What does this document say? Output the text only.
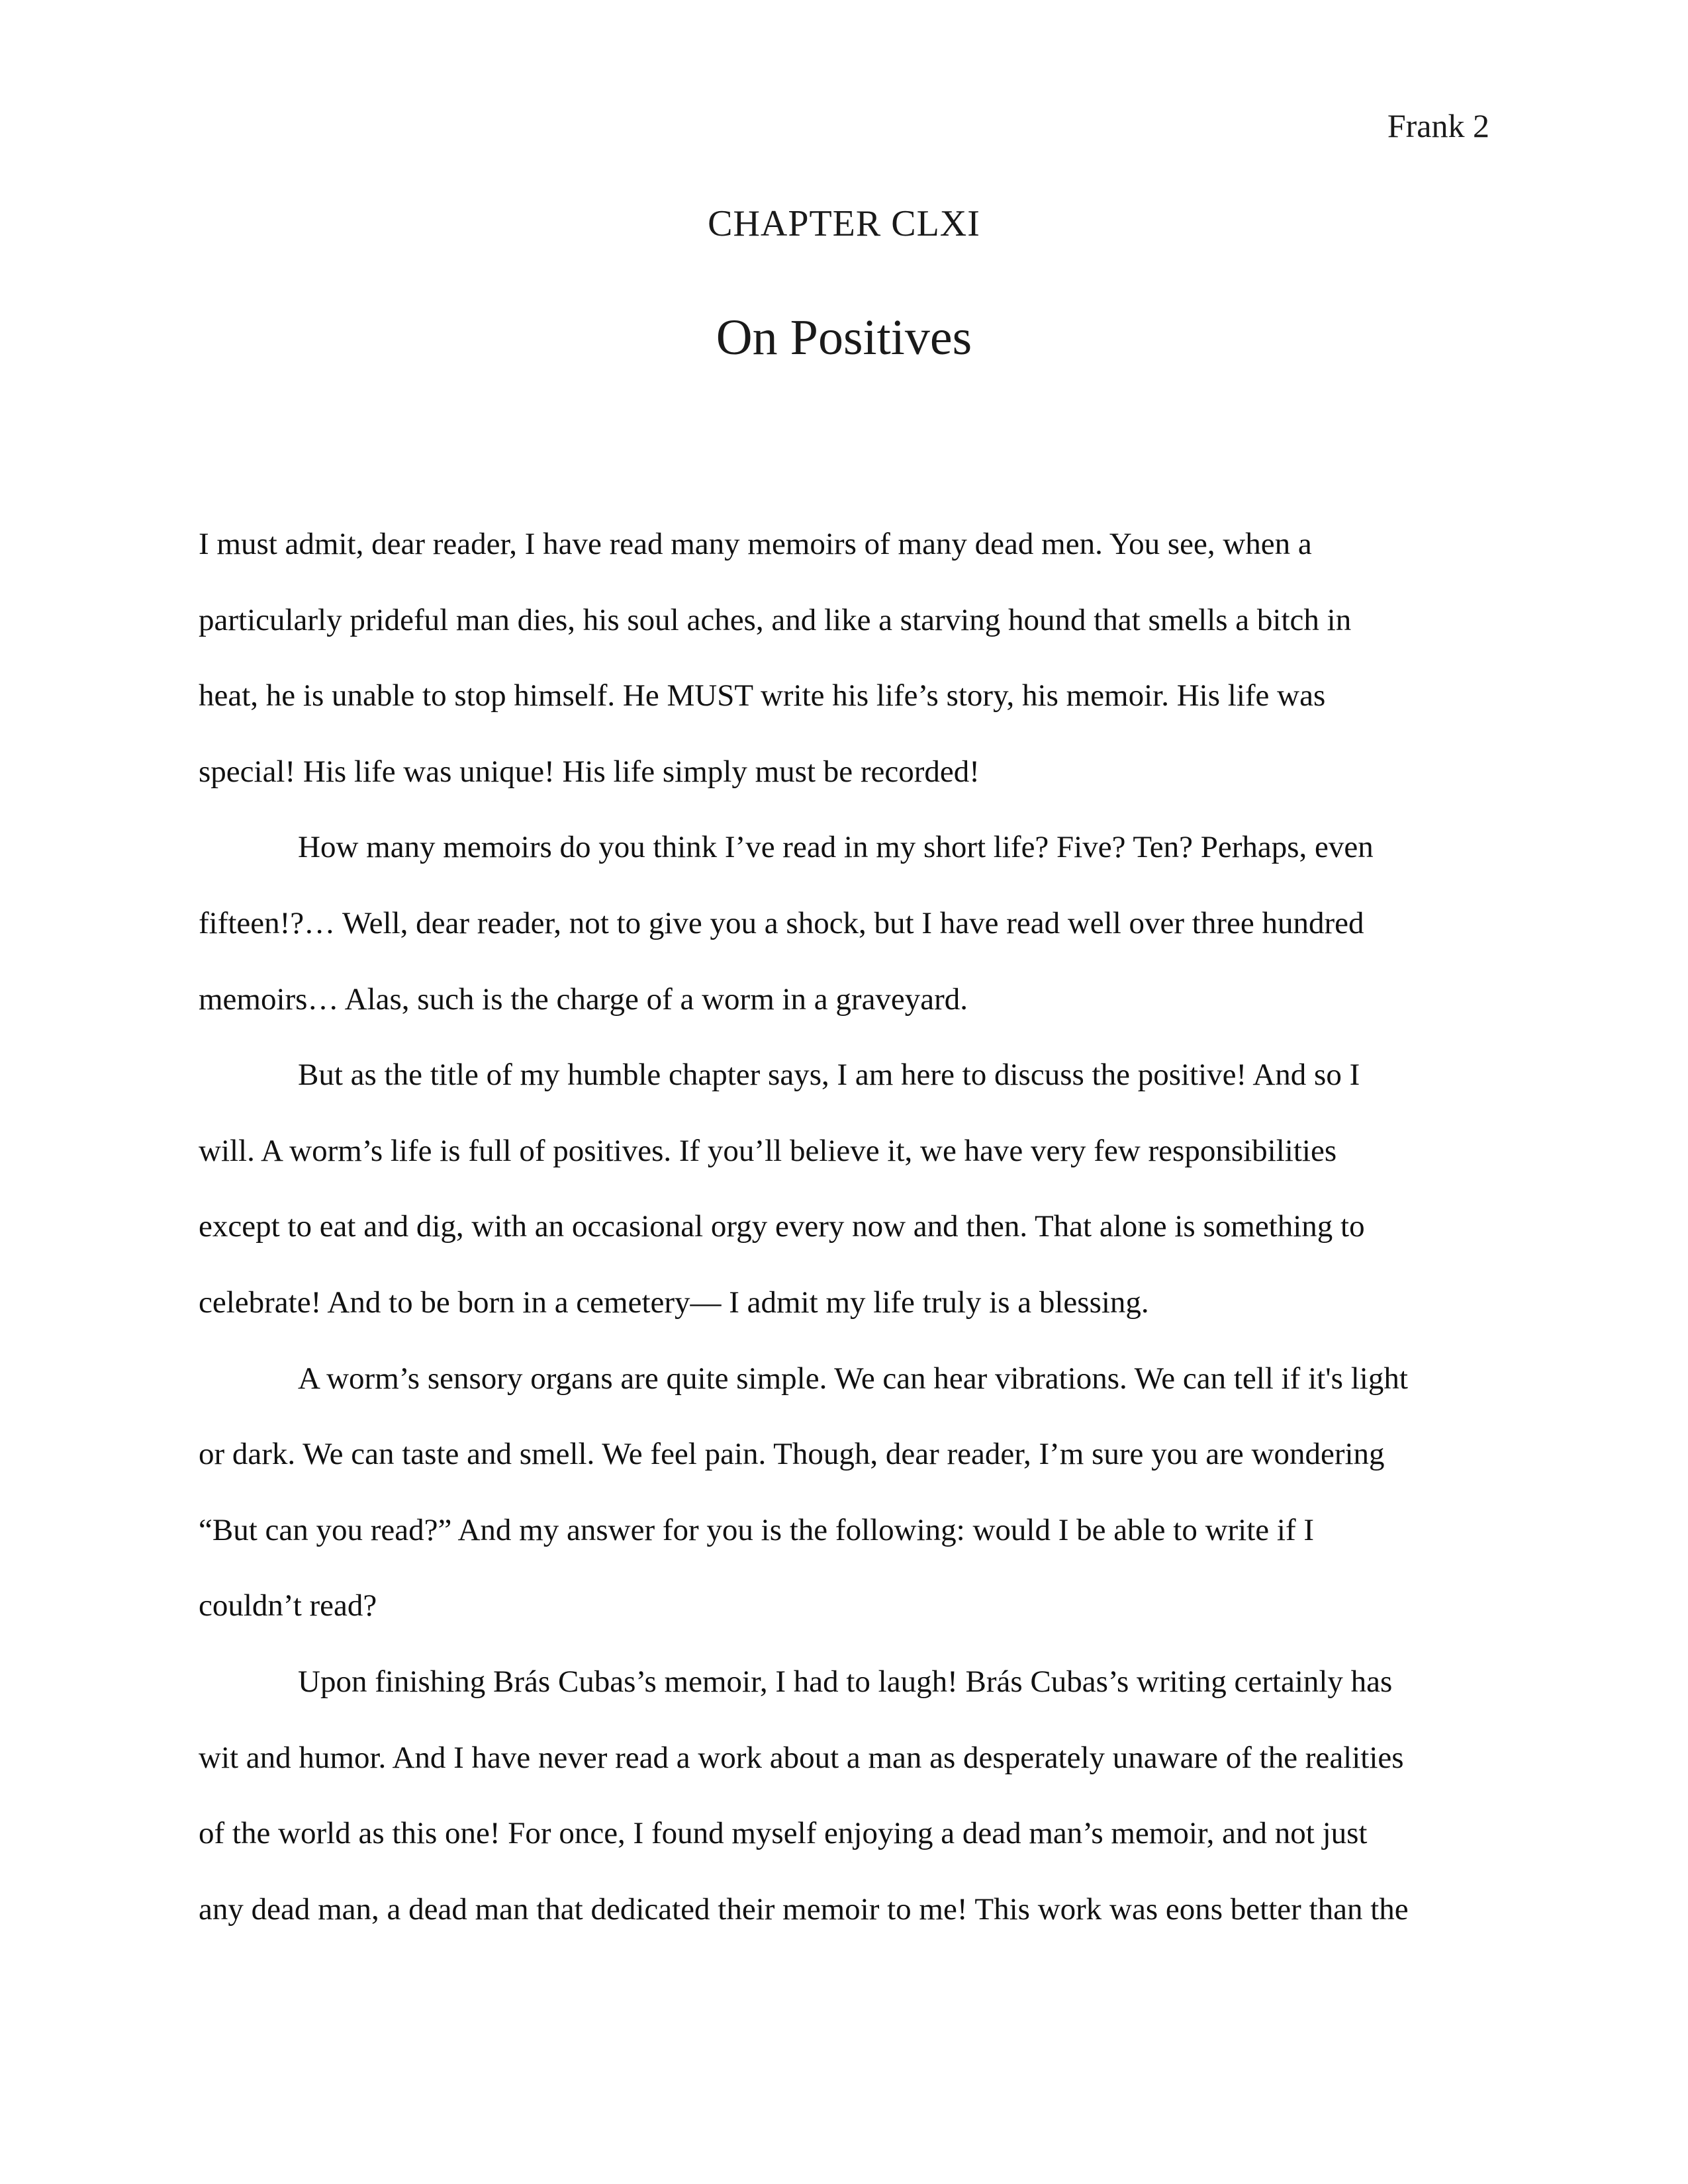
Frank 2
CHAPTER CLXI
On Positives
I must admit, dear reader, I have read many memoirs of many dead men. You see, when a
particularly prideful man dies, his soul aches, and like a starving hound that smells a bitch in
heat, he is unable to stop himself. He MUST write his life’s story, his memoir. His life was
special! His life was unique! His life simply must be recorded!
How many memoirs do you think I’ve read in my short life? Five? Ten? Perhaps, even
fifteen!?… Well, dear reader, not to give you a shock, but I have read well over three hundred
memoirs… Alas, such is the charge of a worm in a graveyard.
But as the title of my humble chapter says, I am here to discuss the positive! And so I
will. A worm’s life is full of positives. If you’ll believe it, we have very few responsibilities
except to eat and dig, with an occasional orgy every now and then. That alone is something to
celebrate! And to be born in a cemetery— I admit my life truly is a blessing.
A worm’s sensory organs are quite simple. We can hear vibrations. We can tell if it's light
or dark. We can taste and smell. We feel pain. Though, dear reader, I’m sure you are wondering
“But can you read?” And my answer for you is the following: would I be able to write if I
couldn’t read?
Upon finishing Brás Cubas’s memoir, I had to laugh! Brás Cubas’s writing certainly has
wit and humor. And I have never read a work about a man as desperately unaware of the realities
of the world as this one! For once, I found myself enjoying a dead man’s memoir, and not just
any dead man, a dead man that dedicated their memoir to me! This work was eons better than the
